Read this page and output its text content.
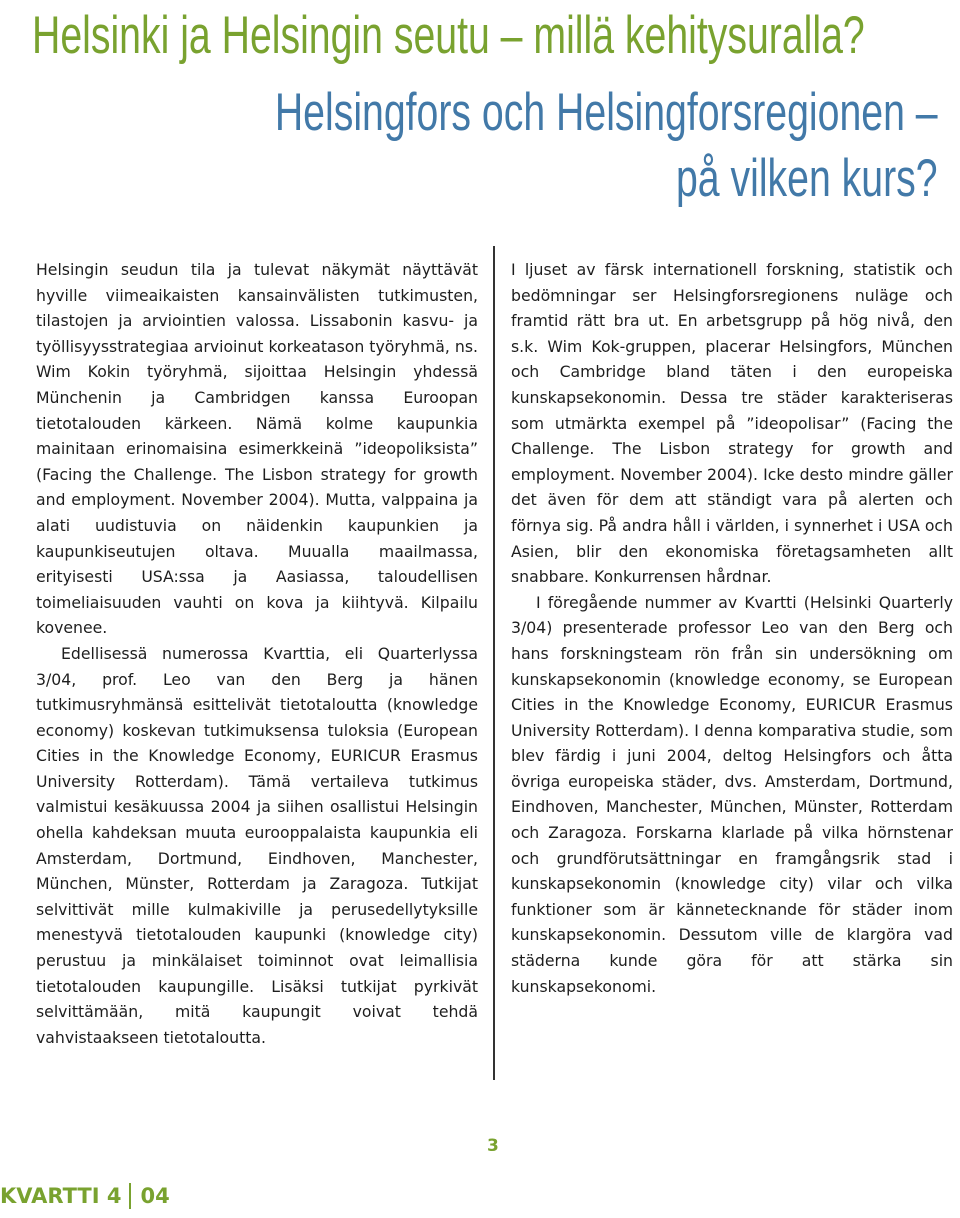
Helsinki ja Helsingin seutu – millä kehitysuralla?
Helsingfors och Helsingforsregionen –
på vilken kurs?

Helsingin seudun tila ja tulevat näkymät näyttävät hyville viimeaikaisten kansainvälisten tutkimusten, tilastojen ja arviointien valossa. Lissabonin kasvu- ja työllisyysstrategiaa arvioinut korkeatason työryhmä, ns. Wim Kokin työryhmä, sijoittaa Helsingin yhdessä Münchenin ja Cambridgen kanssa Euroopan tietotalouden kärkeen. Nämä kolme kaupunkia mainitaan erinomaisina esimerkkeinä ”ideopoliksista” (Facing the Challenge. The Lisbon strategy for growth and employment. November 2004). Mutta, valppaina ja alati uudistuvia on näidenkin kaupunkien ja kaupunkiseutujen oltava. Muualla maailmassa, erityisesti USA:ssa ja Aasiassa, taloudellisen toimeliaisuuden vauhti on kova ja kiihtyvä. Kilpailu kovenee.

Edellisessä numerossa Kvarttia, eli Quarterlyssa 3/04, prof. Leo van den Berg ja hänen tutkimusryhmänsä esittelivät tietotaloutta (knowledge economy) koskevan tutkimuksensa tuloksia (European Cities in the Knowledge Economy, EURICUR Erasmus University Rotterdam). Tämä vertaileva tutkimus valmistui kesäkuussa 2004 ja siihen osallistui Helsingin ohella kahdeksan muuta eurooppalaista kaupunkia eli Amsterdam, Dortmund, Eindhoven, Manchester, München, Münster, Rotterdam ja Zaragoza. Tutkijat selvittivät mille kulmakiville ja perusedellytyksille menestyvä tietotalouden kaupunki (knowledge city) perustuu ja minkälaiset toiminnot ovat leimallisia tietotalouden kaupungille. Lisäksi tutkijat pyrkivät selvittämään, mitä kaupungit voivat tehdä vahvistaakseen tietotaloutta.

I ljuset av färsk internationell forskning, statistik och bedömningar ser Helsingforsregionens nuläge och framtid rätt bra ut. En arbetsgrupp på hög nivå, den s.k. Wim Kok-gruppen, placerar Helsingfors, München och Cambridge bland täten i den europeiska kunskapsekonomin. Dessa tre städer karakteriseras som utmärkta exempel på ”ideopolisar” (Facing the Challenge. The Lisbon strategy for growth and employment. November 2004). Icke desto mindre gäller det även för dem att ständigt vara på alerten och förnya sig. På andra håll i världen, i synnerhet i USA och Asien, blir den ekonomiska företagsamheten allt snabbare. Konkurrensen hårdnar.

I föregående nummer av Kvartti (Helsinki Quarterly 3/04) presenterade professor Leo van den Berg och hans forskningsteam rön från sin undersökning om kunskapsekonomin (knowledge economy, se European Cities in the Knowledge Economy, EURICUR Erasmus University Rotterdam). I denna komparativa studie, som blev färdig i juni 2004, deltog Helsingfors och åtta övriga europeiska städer, dvs. Amsterdam, Dortmund, Eindhoven, Manchester, München, Münster, Rotterdam och Zaragoza. Forskarna klarlade på vilka hörnstenar och grundförutsättningar en framgångsrik stad i kunskapsekonomin (knowledge city) vilar och vilka funktioner som är kännetecknande för städer inom kunskapsekonomin. Dessutom ville de klargöra vad städerna kunde göra för att stärka sin kunskapsekonomi.

3
KVARTTI 4 04
